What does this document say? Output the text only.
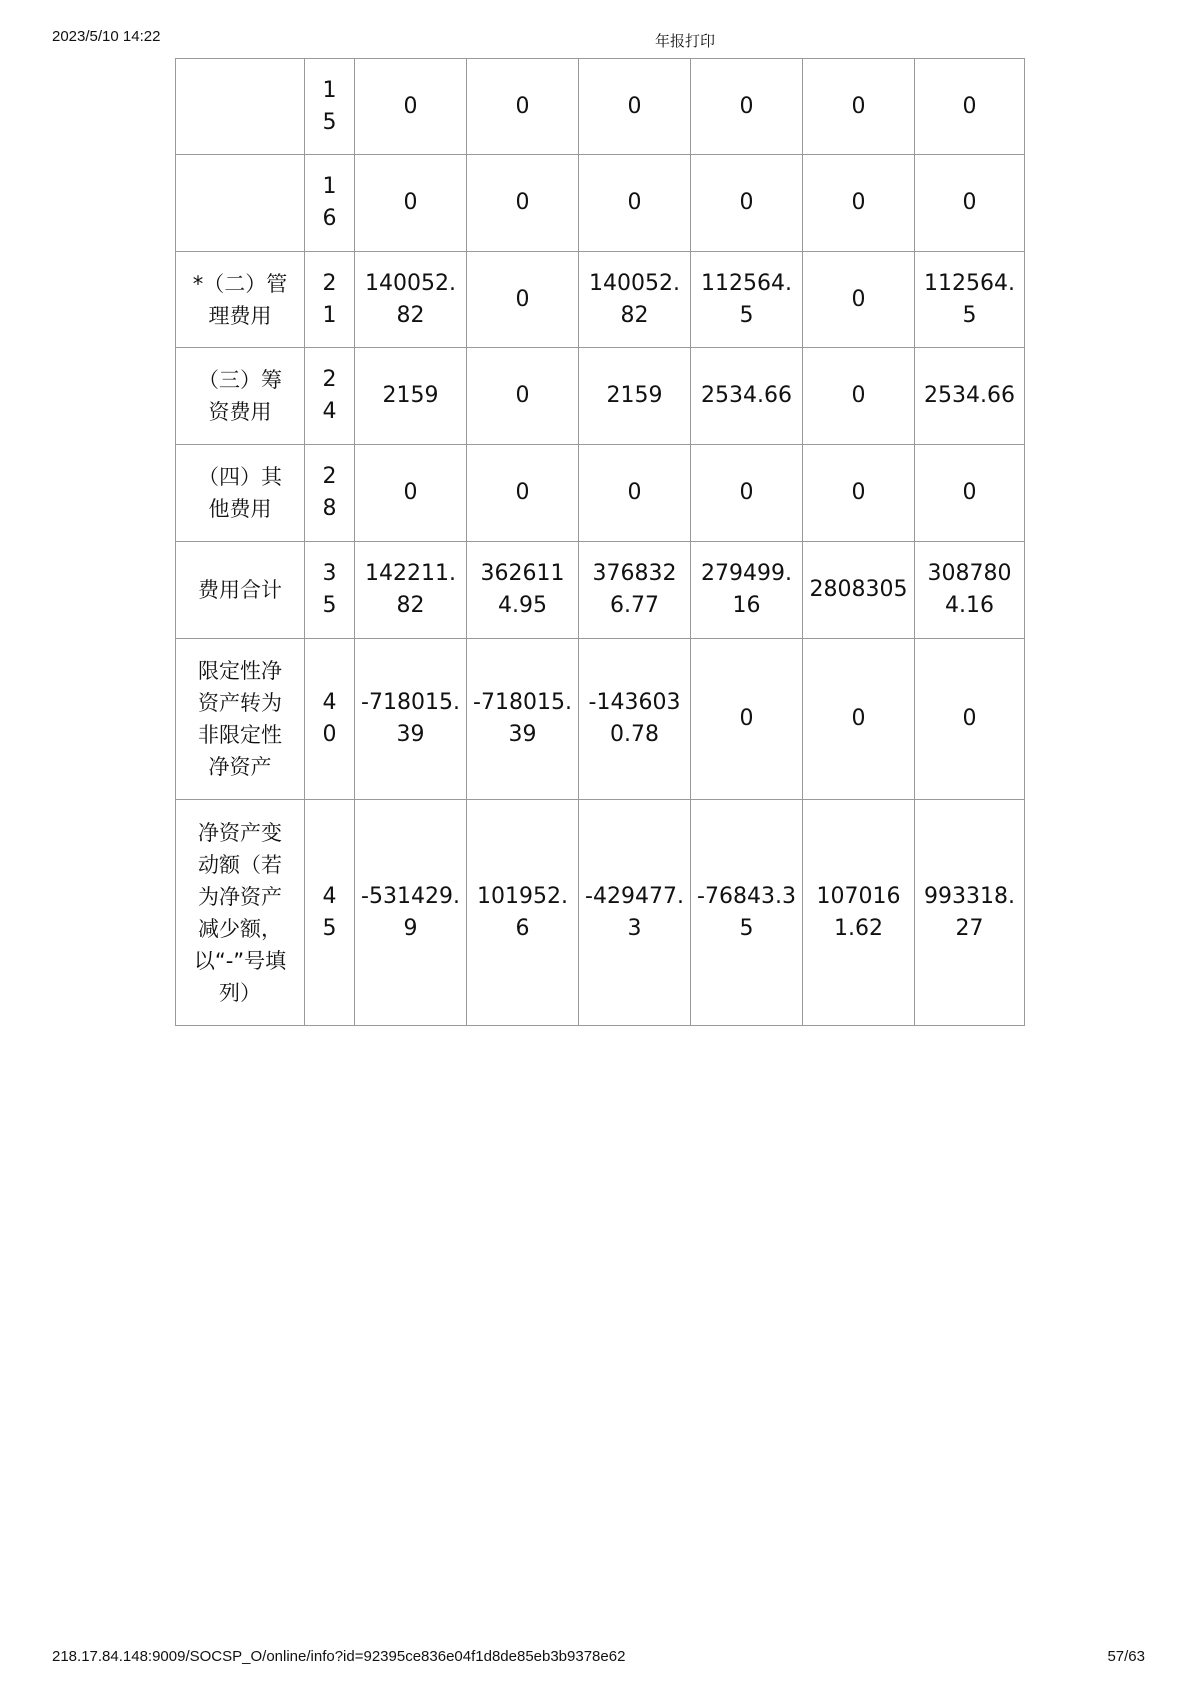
2023/5/10 14:22	年报打印
	15	0	0	0	0	0	0
	16	0	0	0	0	0	0
*（二）管理费用	21	140052.82	0	140052.82	112564.5	0	112564.5
（三）筹资费用	24	2159	0	2159	2534.66	0	2534.66
（四）其他费用	28	0	0	0	0	0	0
费用合计	35	142211.82	3626114.95	3768326.77	279499.16	2808305	3087804.16
限定性净资产转为非限定性净资产	40	-718015.39	-718015.39	-1436030.78	0	0	0
净资产变动额（若为净资产减少额，以“-”号填列）	45	-531429.9	101952.6	-429477.3	-76843.35	1070161.62	993318.27
218.17.84.148:9009/SOCSP_O/online/info?id=92395ce836e04f1d8de85eb3b9378e62	57/63
